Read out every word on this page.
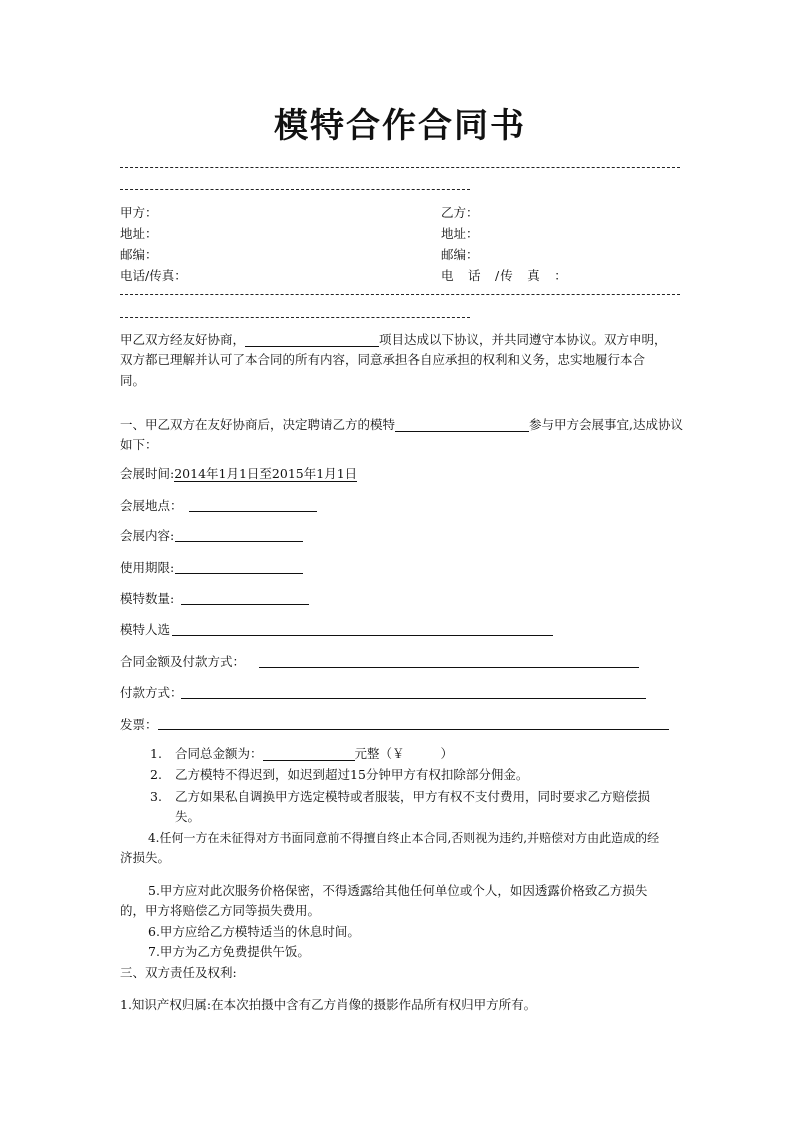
模特合作合同书
甲方：	乙方：
地址：	地址：
邮编：	邮编：
电话/传真：	电　话　/传　真　：
甲乙双方经友好协商，	项目达成以下协议，并共同遵守本协议。双方申明，
双方都已理解并认可了本合同的所有内容，同意承担各自应承担的权利和义务，忠实地履行本合
同。
一、甲乙双方在友好协商后，决定聘请乙方的模特	参与甲方会展事宜,达成协议
如下：
会展时间:2014年1月1日至2015年1月1日
会展地点：
会展内容:
使用期限:
模特数量:
模特人选
合同金额及付款方式：
付款方式：
发票：
1. 合同总金额为：	元整（￥	）
2. 乙方模特不得迟到，如迟到超过15分钟甲方有权扣除部分佣金。
3. 乙方如果私自调换甲方选定模特或者服装，甲方有权不支付费用，同时要求乙方赔偿损
失。
4.任何一方在未征得对方书面同意前不得擅自终止本合同,否则视为违约,并赔偿对方由此造成的经
济损失。
5.甲方应对此次服务价格保密，不得透露给其他任何单位或个人，如因透露价格致乙方损失
的，甲方将赔偿乙方同等损失费用。
6.甲方应给乙方模特适当的休息时间。
7.甲方为乙方免费提供午饭。
三、双方责任及权利:
1.知识产权归属:在本次拍摄中含有乙方肖像的摄影作品所有权归甲方所有。
